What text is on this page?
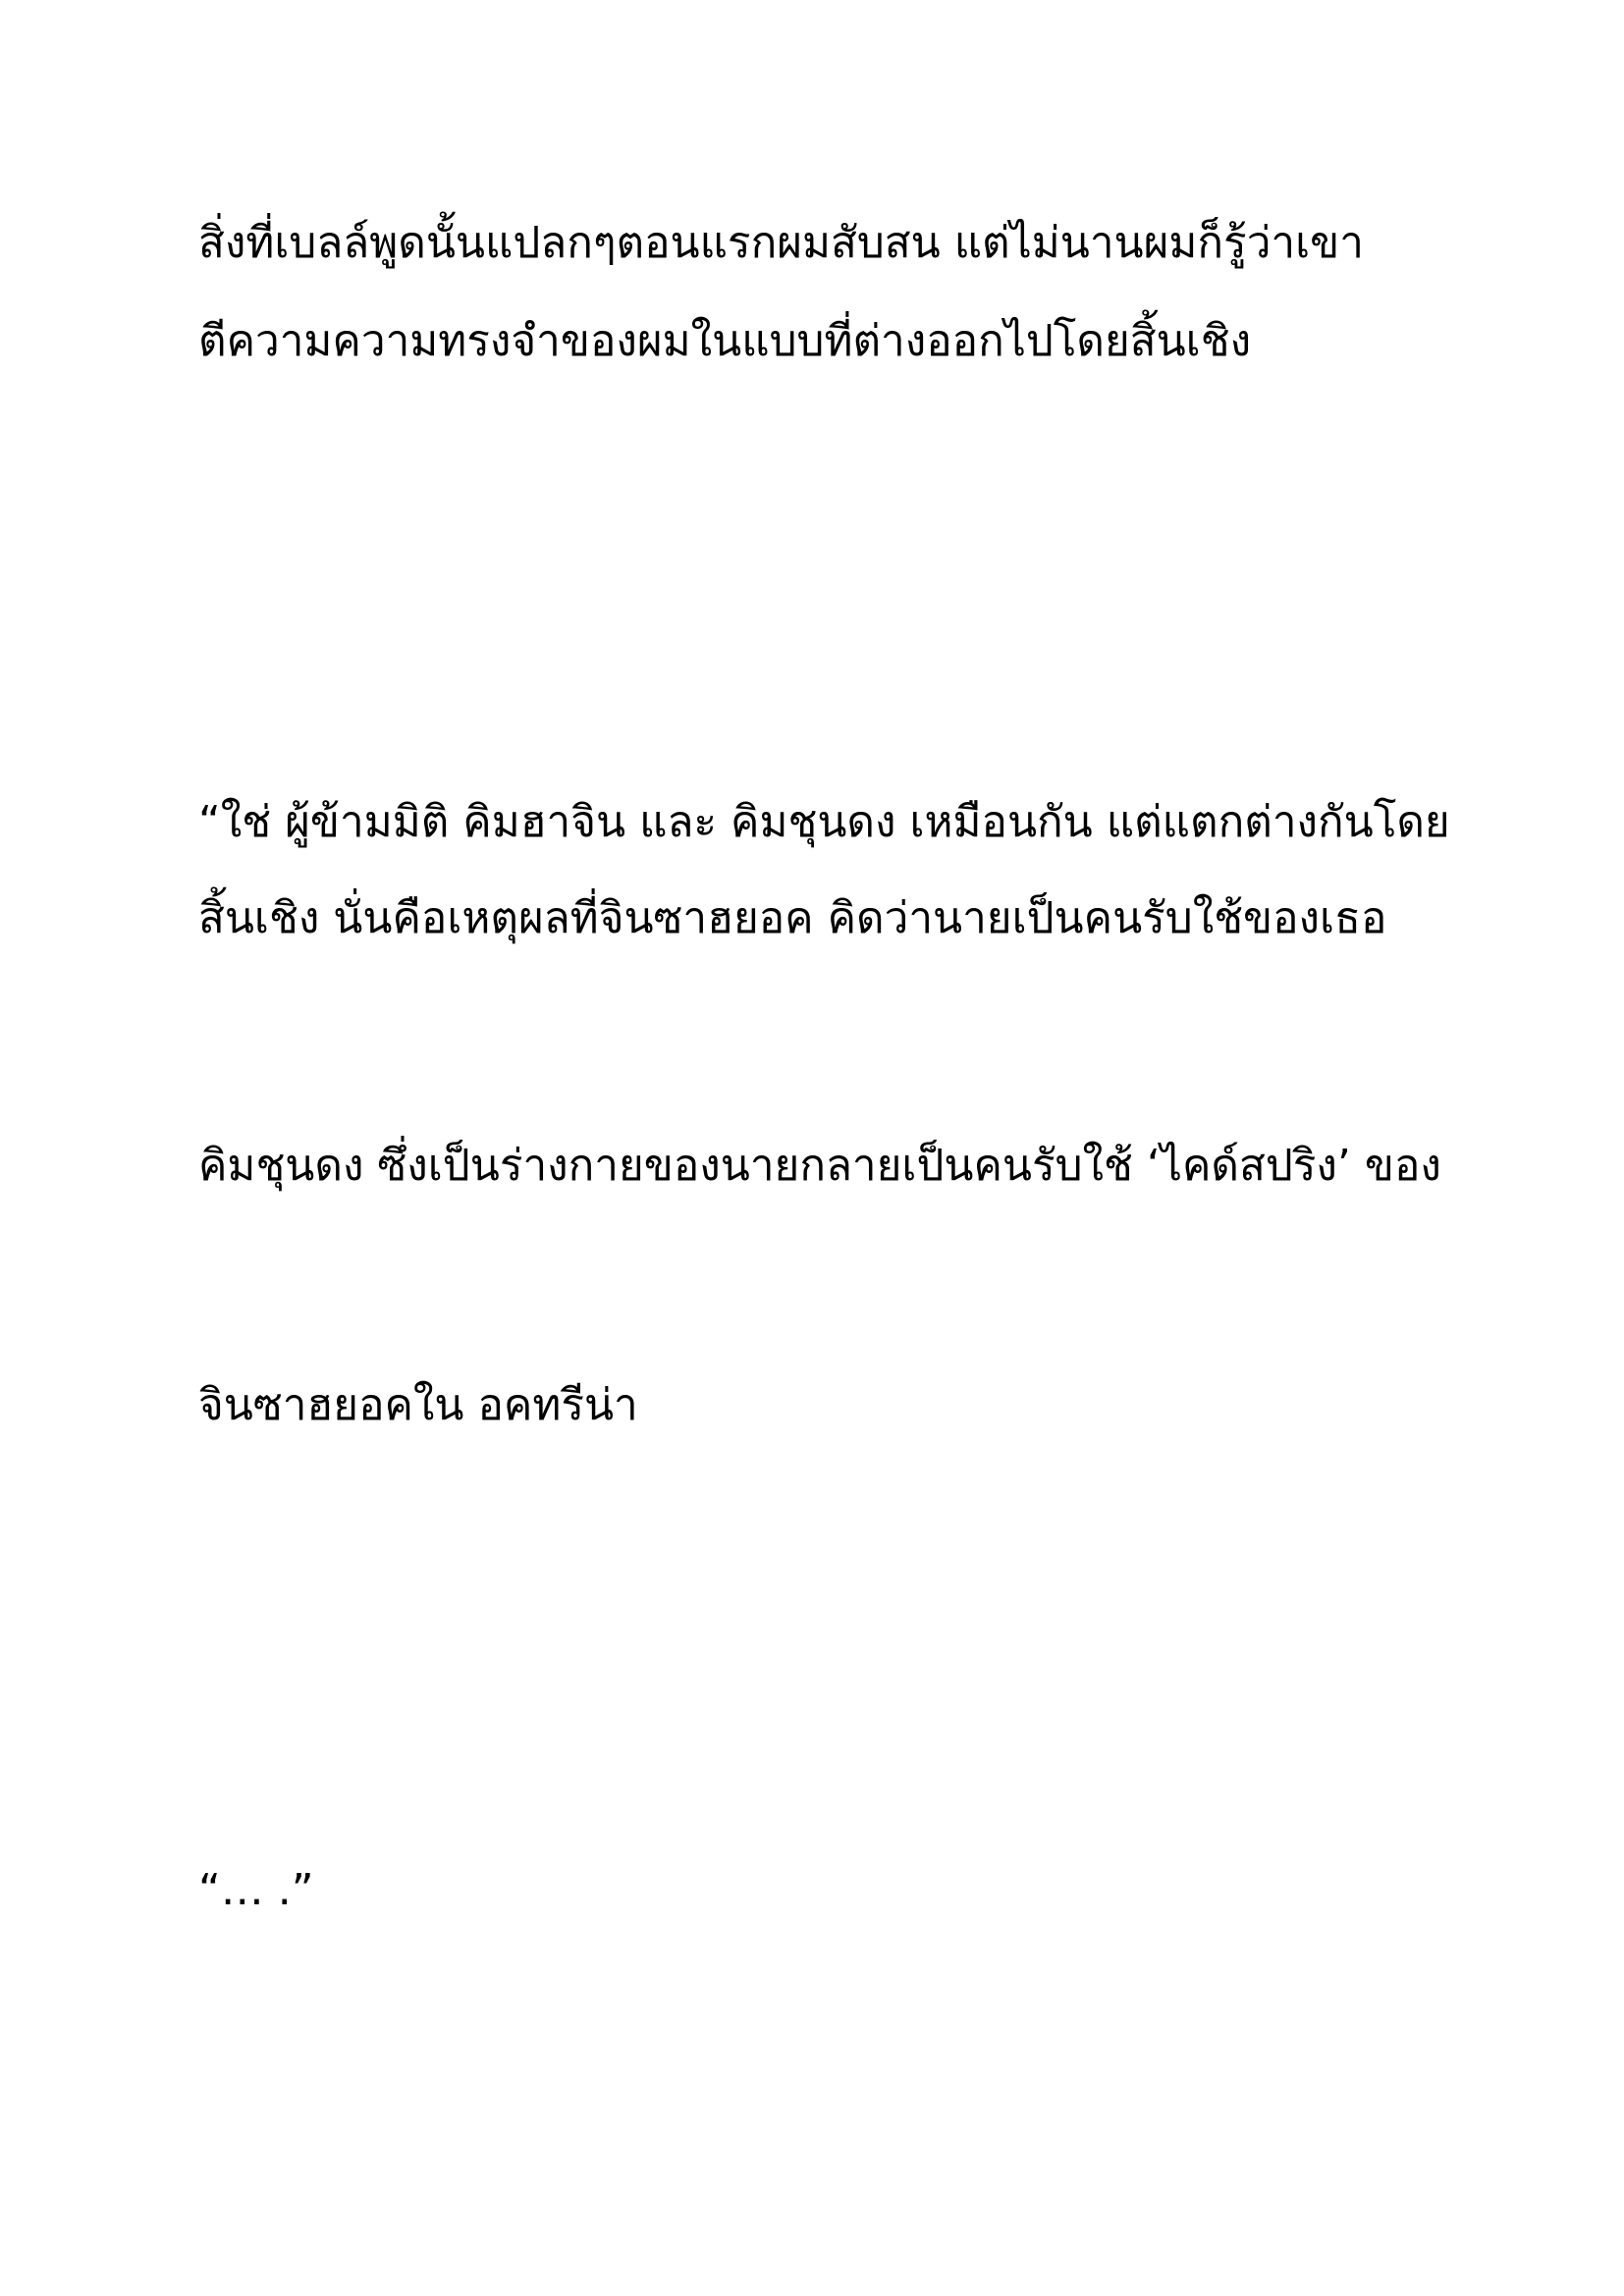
สิ่งที่เบลล์พูดนั้นแปลกๆตอนแรกผมสับสน แต่ไม่นานผมก็รู้ว่าเขา

ตีความความทรงจำของผมในแบบที่ต่างออกไปโดยสิ้นเชิง

“ใช่ ผู้ข้ามมิติ คิมฮาจิน และ คิมชุนดง เหมือนกัน แต่แตกต่างกันโดย

สิ้นเชิง นั่นคือเหตุผลที่จินซาฮยอค คิดว่านายเป็นคนรับใช้ของเธอ

คิมชุนดง ซึ่งเป็นร่างกายของนายกลายเป็นคนรับใช้ ‘ไคด์สปริง’ ของ

จินซาฮยอคใน อคทรีน่า

“… .”
